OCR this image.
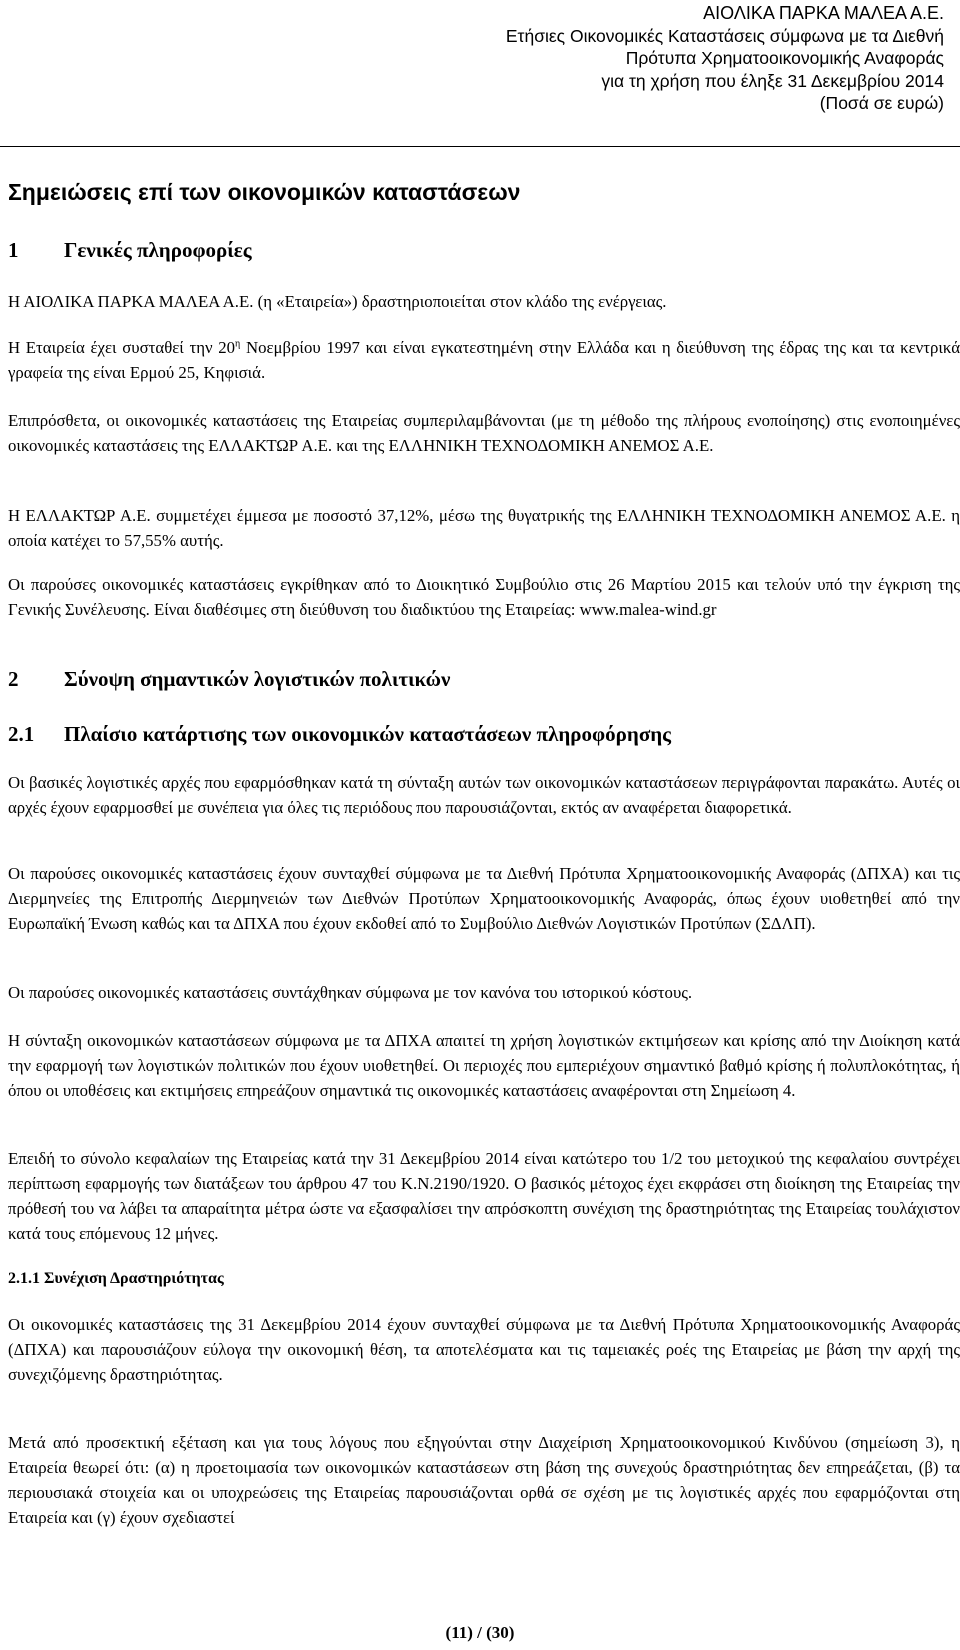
ΑΙΟΛΙΚΑ ΠΑΡΚΑ ΜΑΛΕΑ Α.Ε.
Ετήσιες Οικονομικές Καταστάσεις σύμφωνα με τα Διεθνή
Πρότυπα Χρηματοοικονομικής Αναφοράς
για τη χρήση που έληξε 31 Δεκεμβρίου 2014
(Ποσά σε ευρώ)
Σημειώσεις επί των οικονομικών καταστάσεων
1 Γενικές πληροφορίες
Η ΑΙΟΛΙΚΑ ΠΑΡΚΑ ΜΑΛΕΑ Α.Ε. (η «Εταιρεία») δραστηριοποιείται στον κλάδο της ενέργειας.
Η Εταιρεία έχει συσταθεί την $20^\eta$ Νοεμβρίου 1997 και είναι εγκατεστημένη στην Ελλάδα και η διεύθυνση της έδρας της και τα κεντρικά γραφεία της είναι Ερμού 25, Κηφισιά.
Επιπρόσθετα, οι οικονομικές καταστάσεις της Εταιρείας συμπεριλαμβάνονται (με τη μέθοδο της πλήρους ενοποίησης) στις ενοποιημένες οικονομικές καταστάσεις της ΕΛΛΑΚΤΩΡ Α.Ε. και της ΕΛΛΗΝΙΚΗ ΤΕΧΝΟΔΟΜΙΚΗ ΑΝΕΜΟΣ Α.Ε.
Η ΕΛΛΑΚΤΩΡ Α.Ε. συμμετέχει έμμεσα με ποσοστό 37,12%, μέσω της θυγατρικής της ΕΛΛΗΝΙΚΗ ΤΕΧΝΟΔΟΜΙΚΗ ΑΝΕΜΟΣ Α.Ε. η οποία κατέχει το 57,55% αυτής.
Οι παρούσες οικονομικές καταστάσεις εγκρίθηκαν από το Διοικητικό Συμβούλιο στις 26 Μαρτίου 2015 και τελούν υπό την έγκριση της Γενικής Συνέλευσης. Είναι διαθέσιμες στη διεύθυνση του διαδικτύου της Εταιρείας: www.malea-wind.gr
2 Σύνοψη σημαντικών λογιστικών πολιτικών
2.1 Πλαίσιο κατάρτισης των οικονομικών καταστάσεων πληροφόρησης
Οι βασικές λογιστικές αρχές που εφαρμόσθηκαν κατά τη σύνταξη αυτών των οικονομικών καταστάσεων περιγράφονται παρακάτω. Αυτές οι αρχές έχουν εφαρμοσθεί με συνέπεια για όλες τις περιόδους που παρουσιάζονται, εκτός αν αναφέρεται διαφορετικά.
Οι παρούσες οικονομικές καταστάσεις έχουν συνταχθεί σύμφωνα με τα Διεθνή Πρότυπα Χρηματοοικονομικής Αναφοράς (ΔΠΧΑ) και τις Διερμηνείες της Επιτροπής Διερμηνειών των Διεθνών Προτύπων Χρηματοοικονομικής Αναφοράς, όπως έχουν υιοθετηθεί από την Ευρωπαϊκή Ένωση καθώς και τα ΔΠΧΑ που έχουν εκδοθεί από το Συμβούλιο Διεθνών Λογιστικών Προτύπων (ΣΔΛΠ).
Οι παρούσες οικονομικές καταστάσεις συντάχθηκαν σύμφωνα με τον κανόνα του ιστορικού κόστους.
Η σύνταξη οικονομικών καταστάσεων σύμφωνα με τα ΔΠΧΑ απαιτεί τη χρήση λογιστικών εκτιμήσεων και κρίσης από την Διοίκηση κατά την εφαρμογή των λογιστικών πολιτικών που έχουν υιοθετηθεί. Οι περιοχές που εμπεριέχουν σημαντικό βαθμό κρίσης ή πολυπλοκότητας, ή όπου οι υποθέσεις και εκτιμήσεις επηρεάζουν σημαντικά τις οικονομικές καταστάσεις αναφέρονται στη Σημείωση 4.
Επειδή το σύνολο κεφαλαίων της Εταιρείας κατά την 31 Δεκεμβρίου 2014 είναι κατώτερο του 1/2 του μετοχικού της κεφαλαίου συντρέχει περίπτωση εφαρμογής των διατάξεων του άρθρου 47 του Κ.Ν.2190/1920. Ο βασικός μέτοχος έχει εκφράσει στη διοίκηση της Εταιρείας την πρόθεσή του να λάβει τα απαραίτητα μέτρα ώστε να εξασφαλίσει την απρόσκοπτη συνέχιση της δραστηριότητας της Εταιρείας τουλάχιστον κατά τους επόμενους 12 μήνες.
2.1.1 Συνέχιση Δραστηριότητας
Οι οικονομικές καταστάσεις της 31 Δεκεμβρίου 2014 έχουν συνταχθεί σύμφωνα με τα Διεθνή Πρότυπα Χρηματοοικονομικής Αναφοράς (ΔΠΧΑ) και παρουσιάζουν εύλογα την οικονομική θέση, τα αποτελέσματα και τις ταμειακές ροές της Εταιρείας με βάση την αρχή της συνεχιζόμενης δραστηριότητας.
Μετά από προσεκτική εξέταση και για τους λόγους που εξηγούνται στην Διαχείριση Χρηματοοικονομικού Κινδύνου (σημείωση 3), η Εταιρεία θεωρεί ότι: (α) η προετοιμασία των οικονομικών καταστάσεων στη βάση της συνεχούς δραστηριότητας δεν επηρεάζεται, (β) τα περιουσιακά στοιχεία και οι υποχρεώσεις της Εταιρείας παρουσιάζονται ορθά σε σχέση με τις λογιστικές αρχές που εφαρμόζονται στη Εταιρεία και (γ) έχουν σχεδιαστεί
(11) / (30)
